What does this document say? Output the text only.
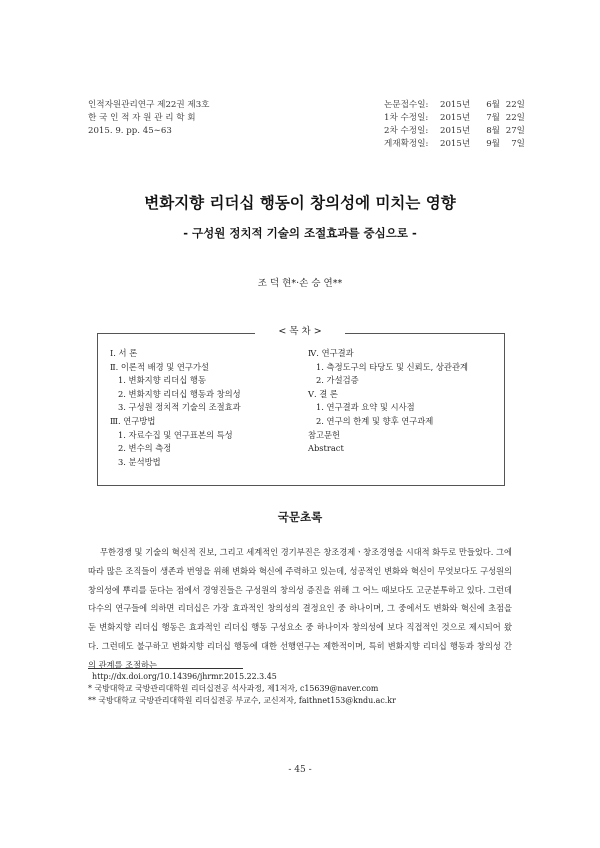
인적자원관리연구 제22권 제3호
한 국 인 적 자 원 관 리 학 회
2015. 9. pp. 45∼63
논문접수일:	2015년	6월 22일
1차 수정일:	2015년	7월 22일
2차 수정일:	2015년	8월 27일
게재확정일:	2015년	9월	7일
변화지향 리더십 행동이 창의성에 미치는 영향
- 구성원 정치적 기술의 조절효과를 중심으로 -
조 덕 현*·손 승 연**
< 목 차 >
Ⅰ. 서 론
Ⅱ. 이론적 배경 및 연구가설
1. 변화지향 리더십 행동
2. 변화지향 리더십 행동과 창의성
3. 구성원 정치적 기술의 조절효과
Ⅲ. 연구방법
1. 자료수집 및 연구표본의 특성
2. 변수의 측정
3. 분석방법
Ⅳ. 연구결과
1. 측정도구의 타당도 및 신뢰도, 상관관계
2. 가설검증
Ⅴ. 결 론
1. 연구결과 요약 및 시사점
2. 연구의 한계 및 향후 연구과제
참고문헌
Abstract
국문초록

무한경쟁 및 기술의 혁신적 진보, 그리고 세계적인 경기부진은 창조경제ㆍ창조경영을 시대적 화두로 만들었다. 그에 따라 많은 조직들이 생존과 번영을 위해 변화와 혁신에 주력하고 있는데, 성공적인 변화와 혁신이 무엇보다도 구성원의 창의성에 뿌리를 둔다는 점에서 경영진들은 구성원의 창의성 증진을 위해 그 어느 때보다도 고군분투하고 있다. 그런데 다수의 연구들에 의하면 리더십은 가장 효과적인 창의성의 결정요인 중 하나이며, 그 중에서도 변화와 혁신에 초점을 둔 변화지향 리더십 행동은 효과적인 리더십 행동 구성요소 중 하나이자 창의성에 보다 직접적인 것으로 제시되어 왔다. 그런데도 불구하고 변화지향 리더십 행동에 대한 선행연구는 제한적이며, 특히 변화지향 리더십 행동과 창의성 간의 관계를 조절하는

http://dx.doi.org/10.14396/jhrmr.2015.22.3.45
* 국방대학교 국방관리대학원 리더십전공 석사과정, 제1저자, c15639@naver.com
** 국방대학교 국방관리대학원 리더십전공 부교수, 교신저자, faithnet153@kndu.ac.kr
- 45 -
